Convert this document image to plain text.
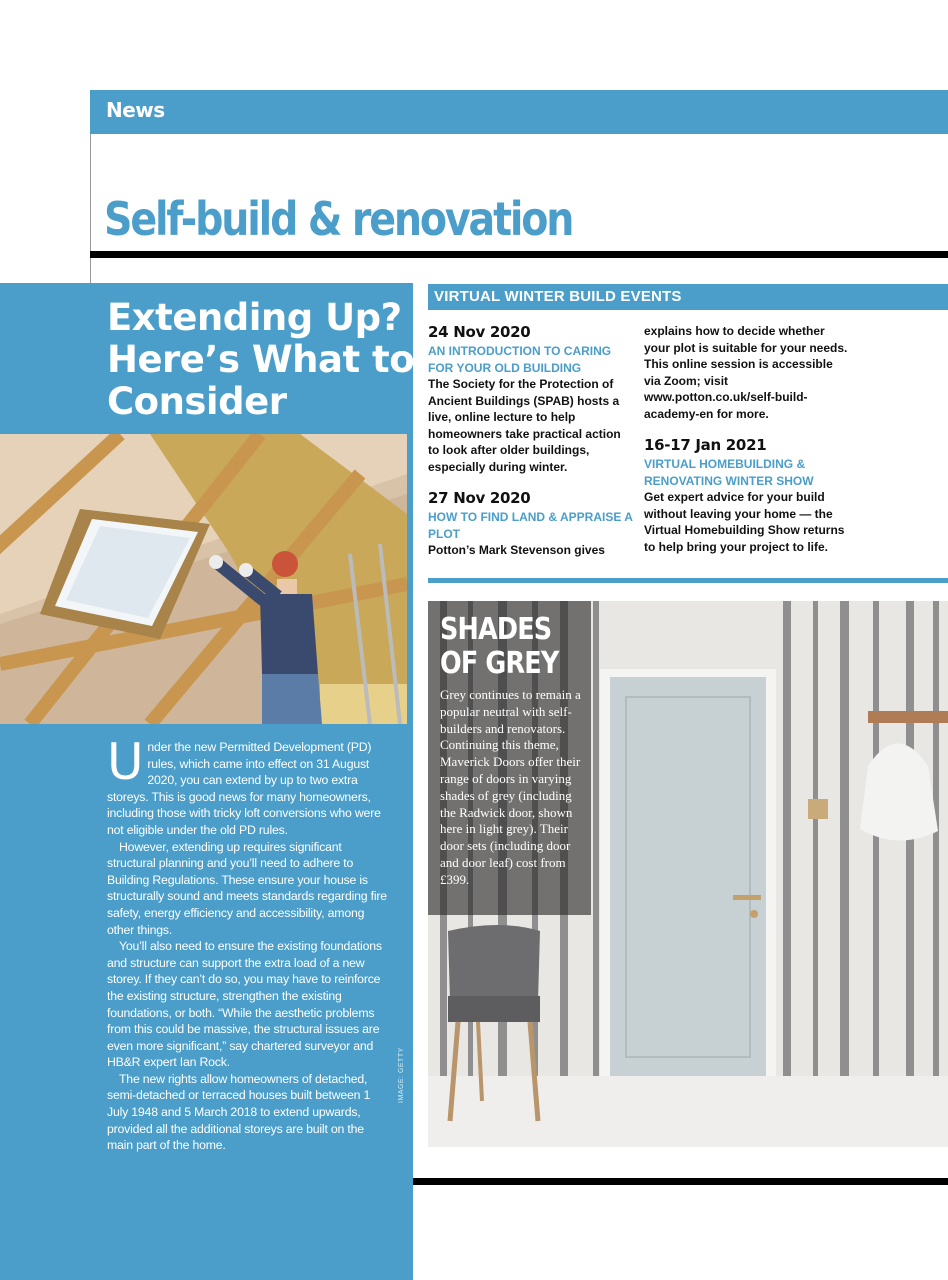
News
Self-build & renovation
Extending Up?
Here’s What to
Consider

Under the new Permitted Development (PD) rules, which came into effect on 31 August 2020, you can extend by up to two extra storeys. This is good news for many homeowners, including those with tricky loft conversions who were not eligible under the old PD rules.

However, extending up requires significant structural planning and you’ll need to adhere to Building Regulations. These ensure your house is structurally sound and meets standards regarding fire safety, energy efficiency and accessibility, among other things.

You’ll also need to ensure the existing foundations and structure can support the extra load of a new storey. If they can’t do so, you may have to reinforce the existing structure, strengthen the existing foundations, or both. “While the aesthetic problems from this could be massive, the structural issues are even more significant,” say chartered surveyor and HB&R expert Ian Rock.

The new rights allow homeowners of detached, semi-detached or terraced houses built between 1 July 1948 and 5 March 2018 to extend upwards, provided all the additional storeys are built on the main part of the home.

IMAGE: GETTY
VIRTUAL WINTER BUILD EVENTS
24 Nov 2020
AN INTRODUCTION TO CARING FOR YOUR OLD BUILDING
The Society for the Protection of Ancient Buildings (SPAB) hosts a live, online lecture to help homeowners take practical action to look after older buildings, especially during winter.
27 Nov 2020
HOW TO FIND LAND & APPRAISE A PLOT
Potton’s Mark Stevenson gives
explains how to decide whether your plot is suitable for your needs. This online session is accessible via Zoom; visit www.potton.co.uk/self-build-academy-en for more.
16-17 Jan 2021
VIRTUAL HOMEBUILDING & RENOVATING WINTER SHOW
Get expert advice for your build without leaving your home — the Virtual Homebuilding Show returns to help bring your project to life.
SHADES
OF GREY
Grey continues to remain a popular neutral with self-builders and renovators. Continuing this theme, Maverick Doors offer their range of doors in varying shades of grey (including the Radwick door, shown here in light grey). Their door sets (including door and door leaf) cost from £399.
